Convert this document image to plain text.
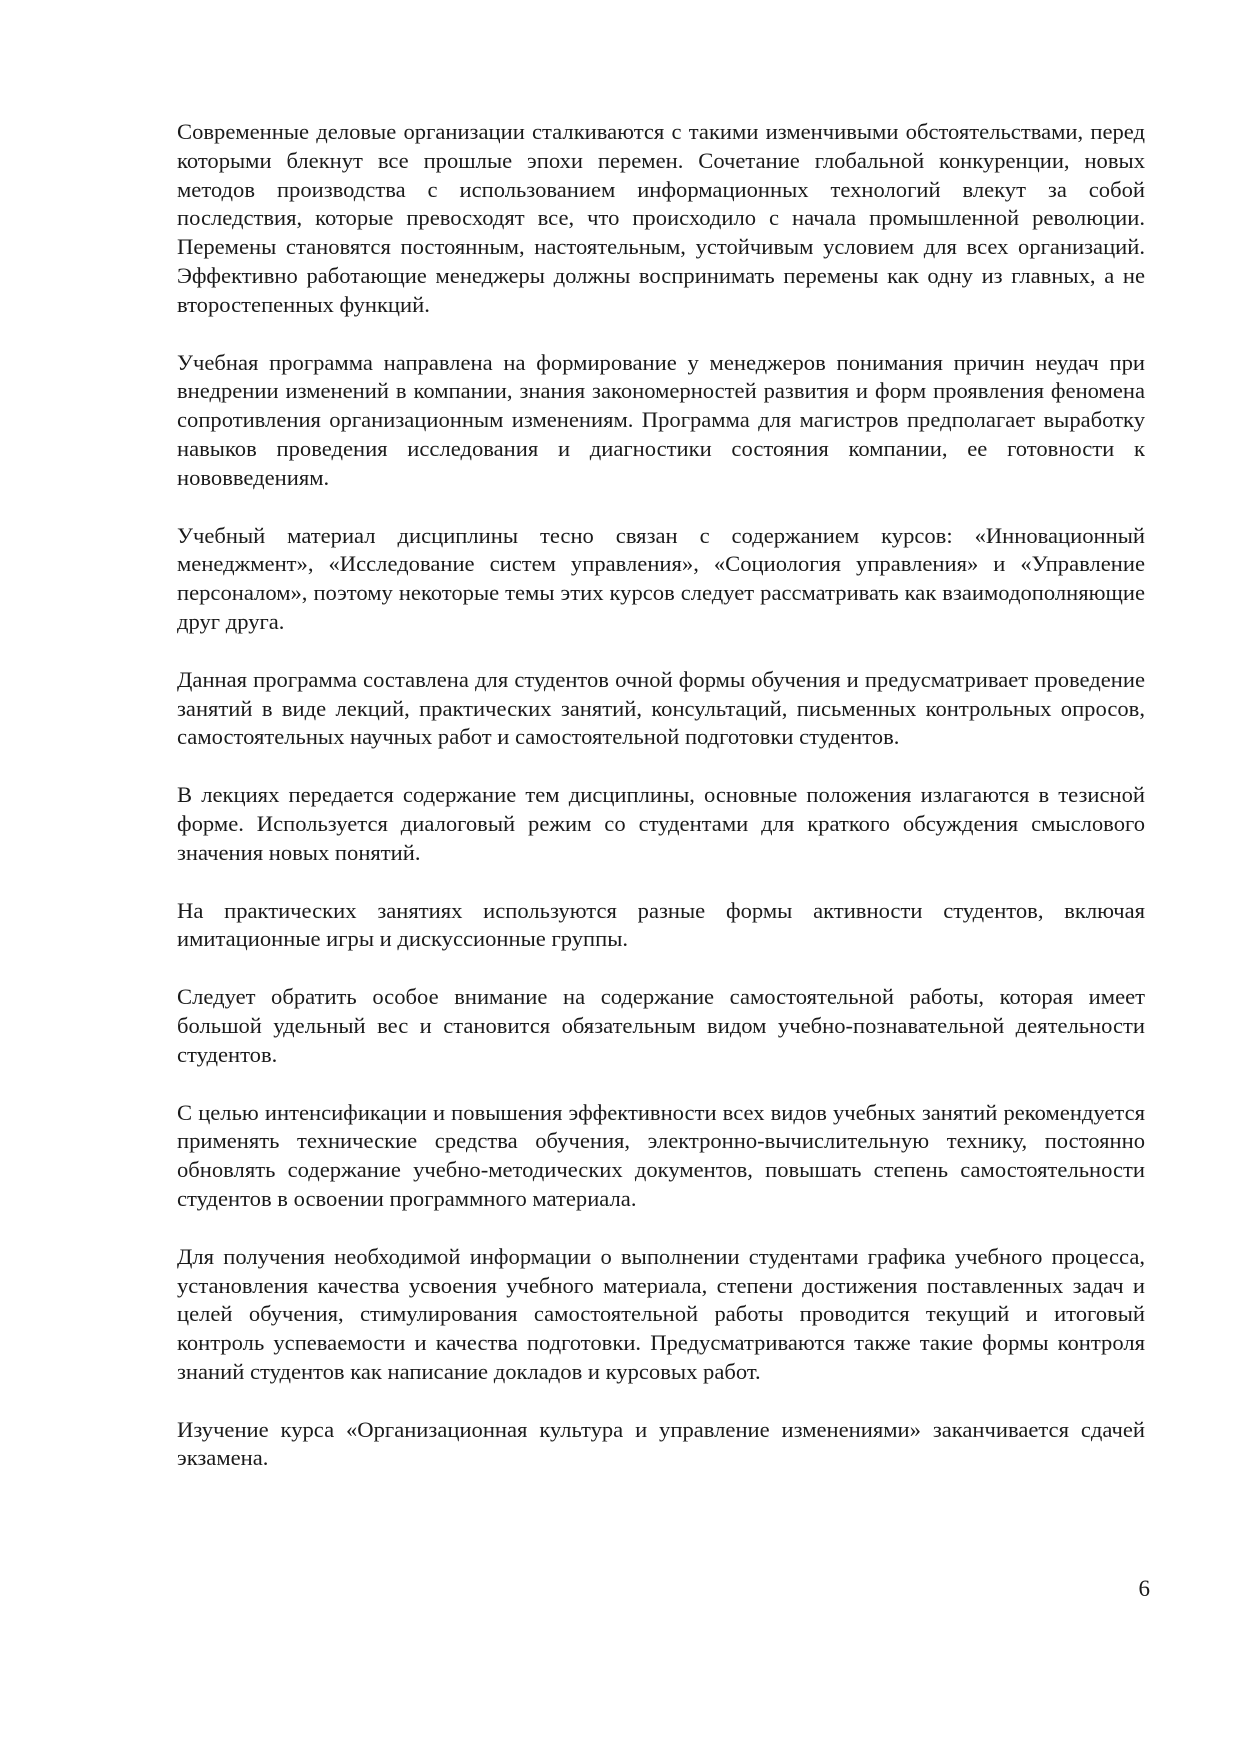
Современные деловые организации сталкиваются с такими изменчивыми обстоятельствами, перед которыми блекнут все прошлые эпохи перемен. Сочетание глобальной конкуренции, новых методов производства с использованием информационных технологий влекут за собой последствия, которые превосходят все, что происходило с начала промышленной революции. Перемены становятся постоянным, настоятельным, устойчивым условием для всех организаций. Эффективно работающие менеджеры должны воспринимать перемены как одну из главных, а не второстепенных функций.

Учебная программа направлена на формирование у менеджеров понимания причин неудач при внедрении изменений в компании, знания закономерностей развития и форм проявления феномена сопротивления организационным изменениям. Программа для магистров предполагает выработку навыков проведения исследования и диагностики состояния компании, ее готовности к нововведениям.

Учебный материал дисциплины тесно связан с содержанием курсов: «Инновационный менеджмент», «Исследование систем управления», «Социология управления» и «Управление персоналом», поэтому некоторые темы этих курсов следует рассматривать как взаимодополняющие друг друга.

Данная программа составлена для студентов очной формы обучения и предусматривает проведение занятий в виде лекций, практических занятий, консультаций, письменных контрольных опросов, самостоятельных научных работ и самостоятельной подготовки студентов.

В лекциях передается содержание тем дисциплины, основные положения излагаются в тезисной форме. Используется диалоговый режим со студентами для краткого обсуждения смыслового значения новых понятий.

На практических занятиях используются разные формы активности студентов, включая имитационные игры и дискуссионные группы.

Следует обратить особое внимание на содержание самостоятельной работы, которая имеет большой удельный вес и становится обязательным видом учебно-познавательной деятельности студентов.

С целью интенсификации и повышения эффективности всех видов учебных занятий рекомендуется применять технические средства обучения, электронно-вычислительную технику, постоянно обновлять содержание учебно-методических документов, повышать степень самостоятельности студентов в освоении программного материала.

Для получения необходимой информации о выполнении студентами графика учебного процесса, установления качества усвоения учебного материала, степени достижения поставленных задач и целей обучения, стимулирования самостоятельной работы проводится текущий и итоговый контроль успеваемости и качества подготовки. Предусматриваются также такие формы контроля знаний студентов как написание докладов и курсовых работ.

Изучение курса «Организационная культура и управление изменениями» заканчивается сдачей экзамена.

6
